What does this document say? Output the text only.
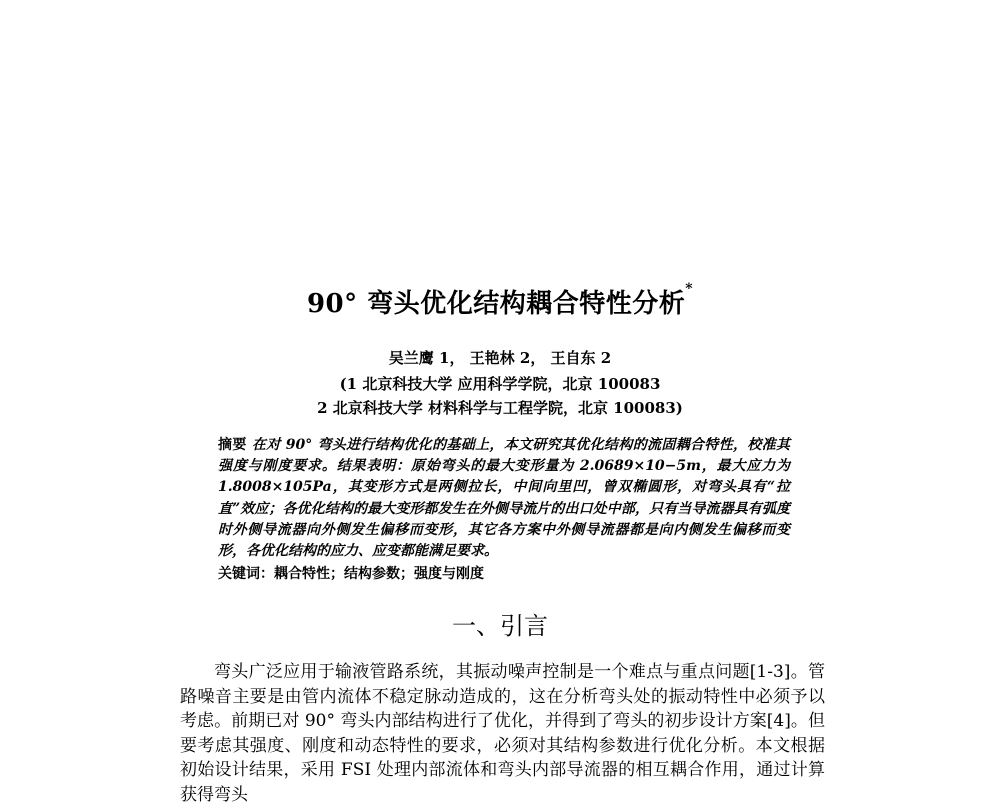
90° 弯头优化结构耦合特性分析*
吴兰鹰 1， 王艳林 2， 王自东 2
(1 北京科技大学 应用科学学院，北京 100083
2 北京科技大学 材料科学与工程学院，北京 100083)
摘要 在对 90° 弯头进行结构优化的基础上，本文研究其优化结构的流固耦合特性，校准其强度与刚度要求。结果表明：原始弯头的最大变形量为 2.0689×10−5m，最大应力为 1.8008×105Pa，其变形方式是两侧拉长，中间向里凹，曾双椭圆形，对弯头具有“拉直”效应；各优化结构的最大变形都发生在外侧导流片的出口处中部，只有当导流器具有弧度时外侧导流器向外侧发生偏移而变形，其它各方案中外侧导流器都是向内侧发生偏移而变形，各优化结构的应力、应变都能满足要求。
关键词：耦合特性；结构参数；强度与刚度
一、引言
弯头广泛应用于输液管路系统，其振动噪声控制是一个难点与重点问题[1-3]。管路噪音主要是由管内流体不稳定脉动造成的，这在分析弯头处的振动特性中必须予以考虑。前期已对 90° 弯头内部结构进行了优化，并得到了弯头的初步设计方案[4]。但要考虑其强度、刚度和动态特性的要求，必须对其结构参数进行优化分析。本文根据初始设计结果，采用 FSI 处理内部流体和弯头内部导流器的相互耦合作用，通过计算获得弯头
